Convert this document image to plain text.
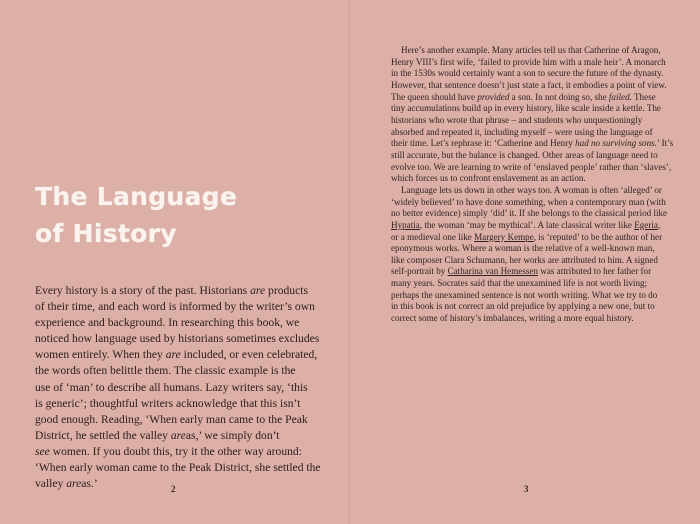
The Language
of History
Every history is a story of the past. Historians are products
of their time, and each word is informed by the writer’s own
experience and background. In researching this book, we
noticed how language used by historians sometimes excludes
women entirely. When they are included, or even celebrated,
the words often belittle them. The classic example is the
use of ‘man’ to describe all humans. Lazy writers say, ‘this
is generic’; thoughtful writers acknowledge that this isn’t
good enough. Reading, ‘When early man came to the Peak
District, he settled the valley areas,’ we simply don’t
see women. If you doubt this, try it the other way around:
‘When early woman came to the Peak District, she settled the
valley areas.’	2
Here’s another example. Many articles tell us that Catherine of Aragon,
Henry VIII’s first wife, ‘failed to provide him with a male heir’. A monarch
in the 1530s would certainly want a son to secure the future of the dynasty.
However, that sentence doesn’t just state a fact, it embodies a point of view.
The queen should have provided a son. In not doing so, she failed. These
tiny accumulations build up in every history, like scale inside a kettle. The
historians who wrote that phrase – and students who unquestioningly
absorbed and repeated it, including myself – were using the language of
their time. Let’s rephrase it: ‘Catherine and Henry had no surviving sons.’ It’s
still accurate, but the balance is changed. Other areas of language need to
evolve too. We are learning to write of ‘enslaved people’ rather than ‘slaves’,
which forces us to confront enslavement as an action.
Language lets us down in other ways too. A woman is often ‘alleged’ or
‘widely believed’ to have done something, when a contemporary man (with
no better evidence) simply ‘did’ it. If she belongs to the classical period like
Hypatia, the woman ‘may be mythical’. A late classical writer like Egeria,
or a medieval one like Margery Kempe, is ‘reputed’ to be the author of her
eponymous works. Where a woman is the relative of a well-known man,
like composer Clara Schumann, her works are attributed to him. A signed
self-portrait by Catharina van Hemessen was attributed to her father for
many years. Socrates said that the unexamined life is not worth living;
perhaps the unexamined sentence is not worth writing. What we try to do
in this book is not correct an old prejudice by applying a new one, but to
correct some of history’s imbalances, writing a more equal history.
3
